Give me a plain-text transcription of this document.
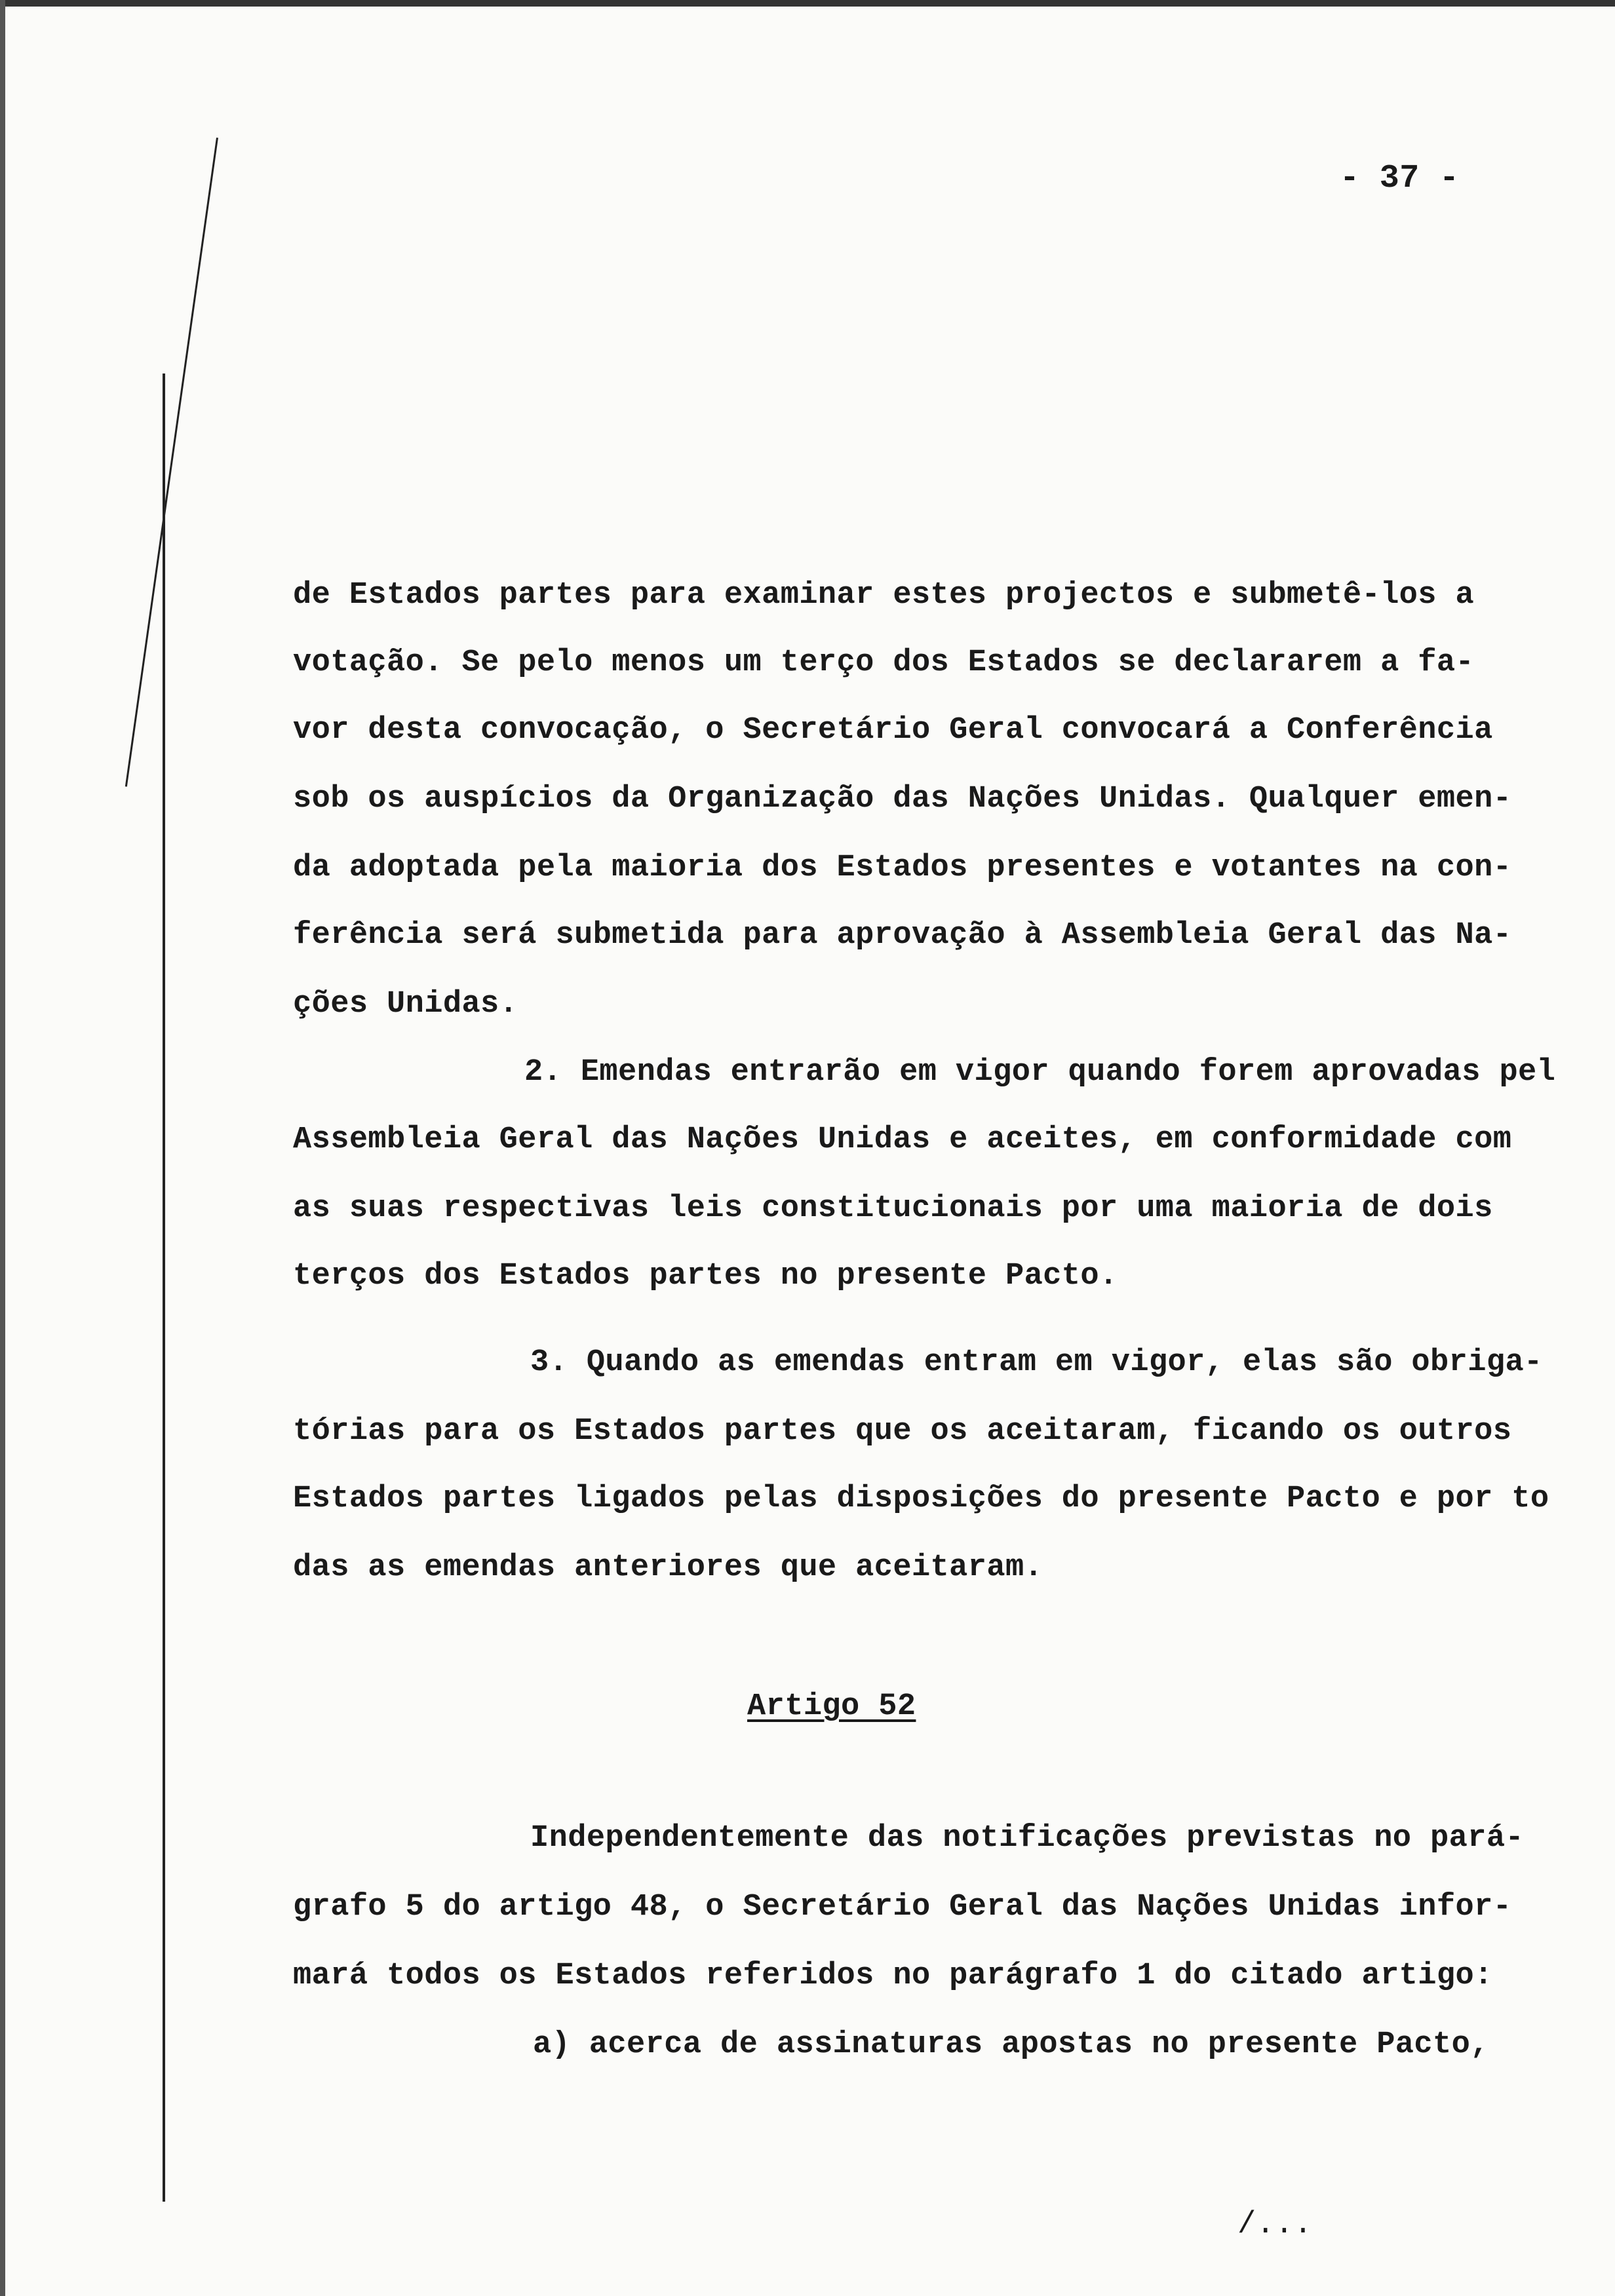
- 37 -
de Estados partes para examinar estes projectos e submetê-los a
votação. Se pelo menos um terço dos Estados se declararem a fa-
vor desta convocação, o Secretário Geral convocará a Conferência
sob os auspícios da Organização das Nações Unidas. Qualquer emen-
da adoptada pela maioria dos Estados presentes e votantes na con-
ferência será submetida para aprovação à Assembleia Geral das Na-
ções Unidas.
2. Emendas entrarão em vigor quando forem aprovadas pel
Assembleia Geral das Nações Unidas e aceites, em conformidade com
as suas respectivas leis constitucionais por uma maioria de dois
terços dos Estados partes no presente Pacto.
3. Quando as emendas entram em vigor, elas são obriga-
tórias para os Estados partes que os aceitaram, ficando os outros
Estados partes ligados pelas disposições do presente Pacto e por to
das as emendas anteriores que aceitaram.
Artigo 52
Independentemente das notificações previstas no pará-
grafo 5 do artigo 48, o Secretário Geral das Nações Unidas infor-
mará todos os Estados referidos no parágrafo 1 do citado artigo:
a) acerca de assinaturas apostas no presente Pacto,
/...
